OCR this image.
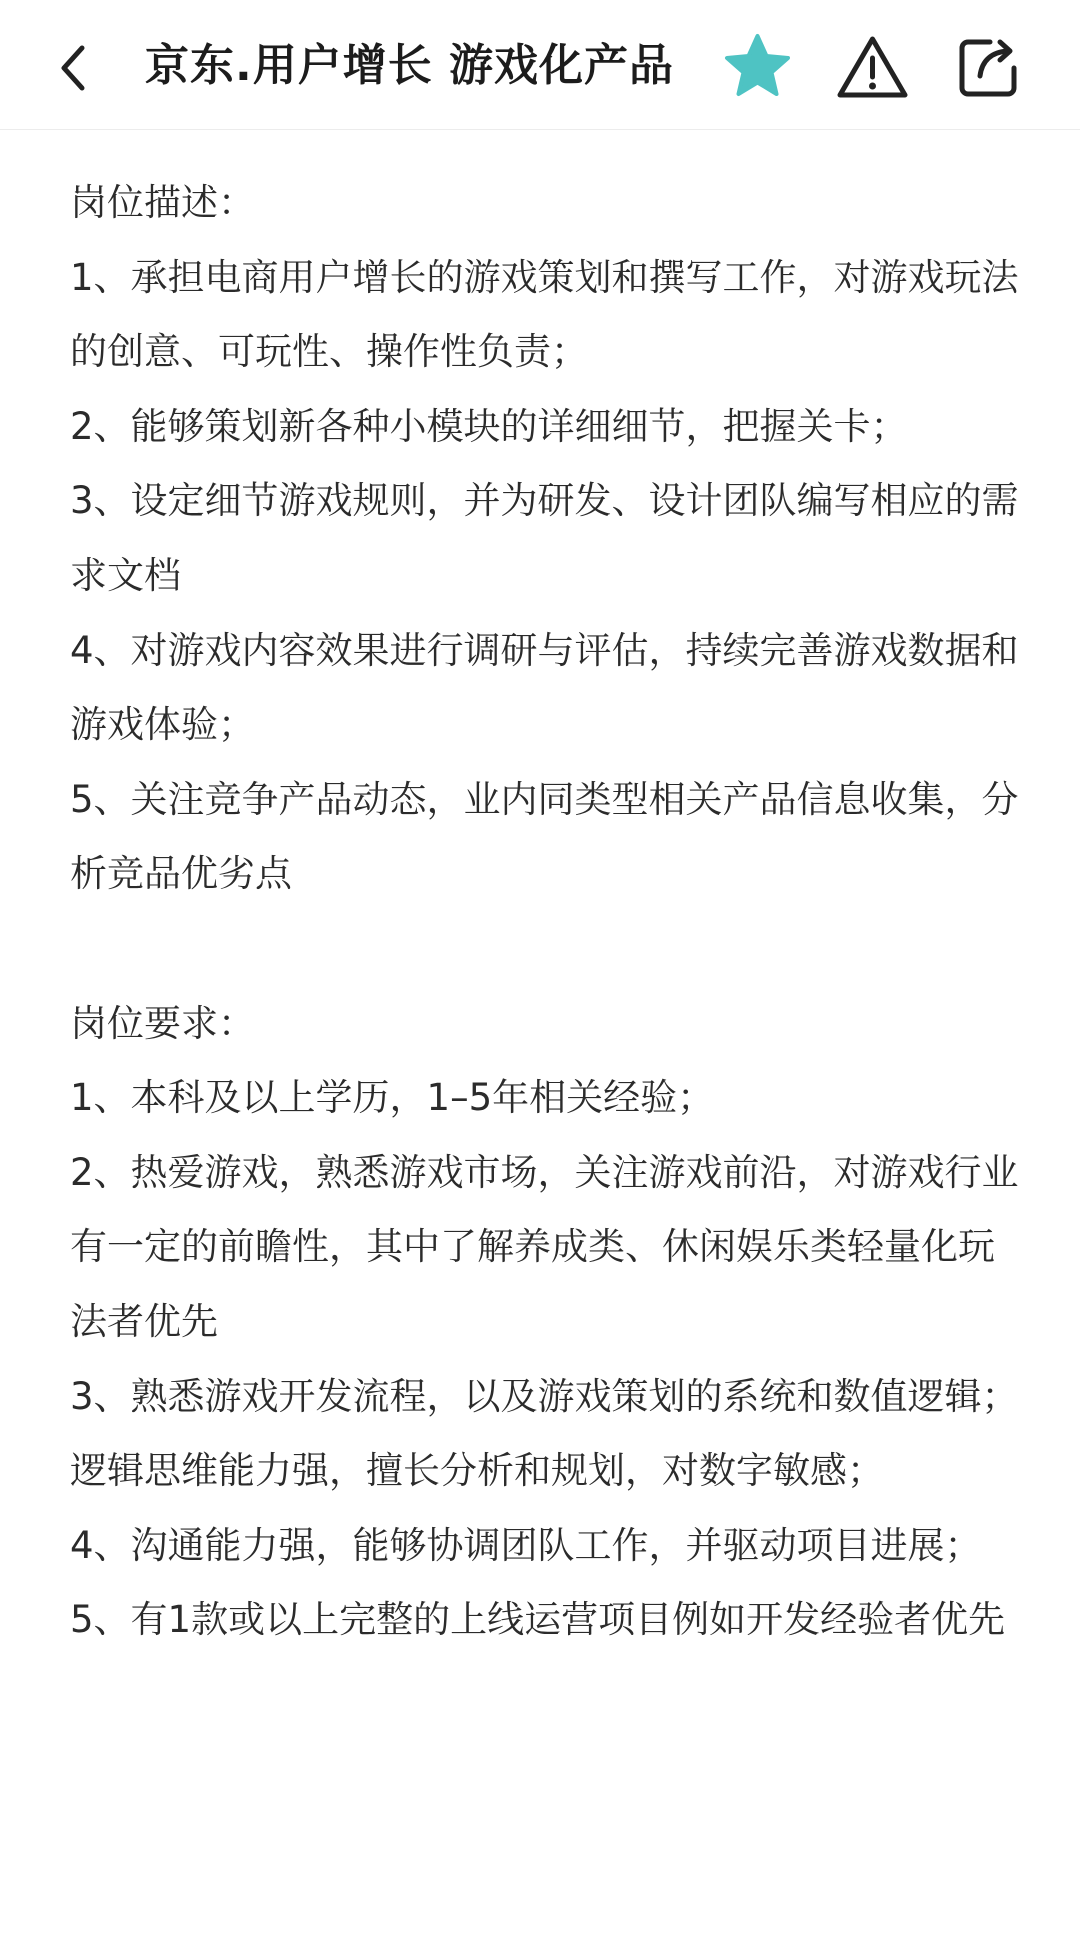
京东.用户增长 游戏化产品

岗位描述：

1、承担电商用户增长的游戏策划和撰写工作，对游戏玩法的创意、可玩性、操作性负责；

2、能够策划新各种小模块的详细细节，把握关卡；

3、设定细节游戏规则，并为研发、设计团队编写相应的需求文档

4、对游戏内容效果进行调研与评估，持续完善游戏数据和游戏体验；

5、关注竞争产品动态，业内同类型相关产品信息收集，分析竞品优劣点

岗位要求：

1、本科及以上学历，1–5年相关经验；

2、热爱游戏，熟悉游戏市场，关注游戏前沿，对游戏行业有一定的前瞻性，其中了解养成类、休闲娱乐类轻量化玩法者优先

3、熟悉游戏开发流程，以及游戏策划的系统和数值逻辑；逻辑思维能力强，擅长分析和规划，对数字敏感；

4、沟通能力强，能够协调团队工作，并驱动项目进展；

5、有1款或以上完整的上线运营项目例如开发经验者优先
